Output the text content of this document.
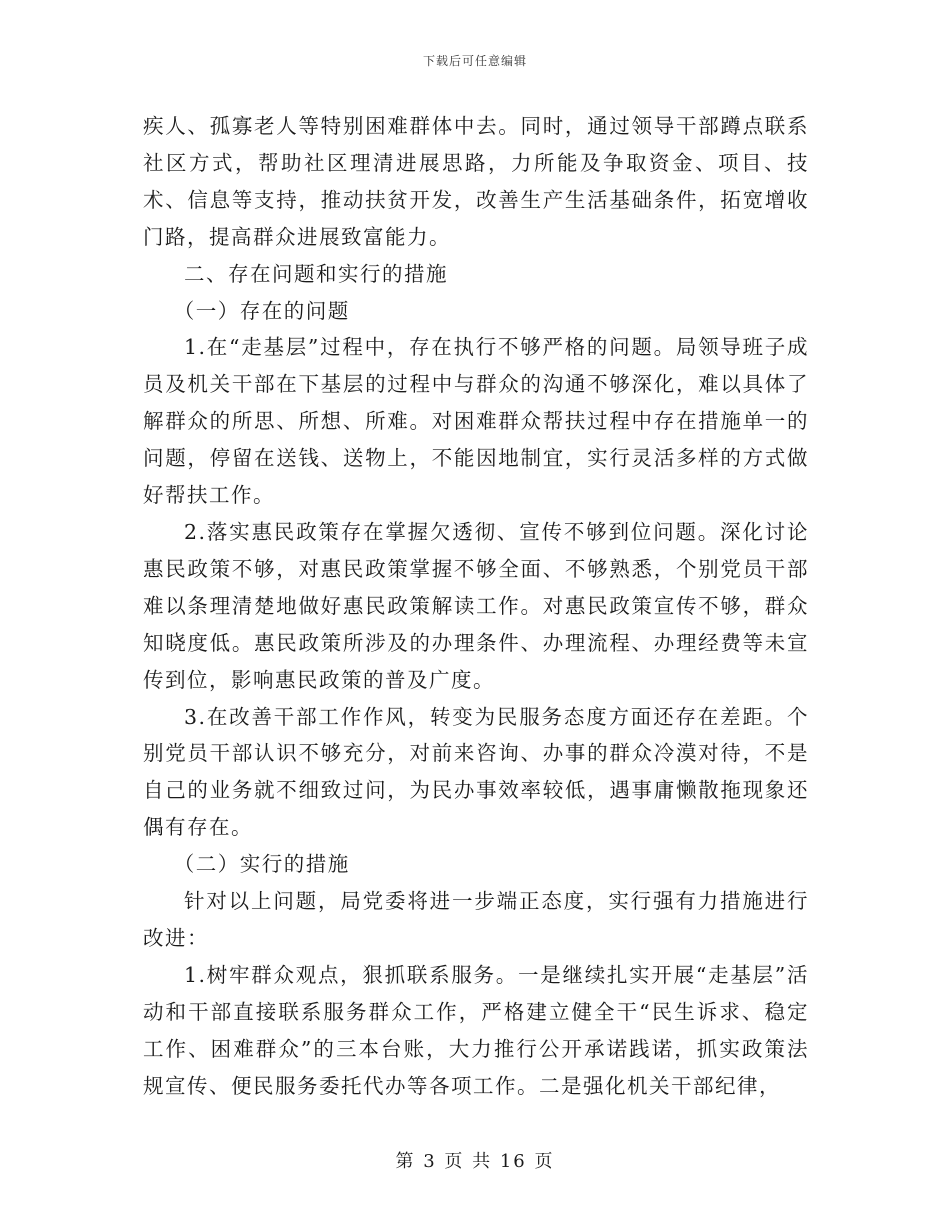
下载后可任意编辑

疾人、孤寡老人等特别困难群体中去。同时，通过领导干部蹲点联系社区方式，帮助社区理清进展思路，力所能及争取资金、项目、技术、信息等支持，推动扶贫开发，改善生产生活基础条件，拓宽增收门路，提高群众进展致富能力。

二、存在问题和实行的措施

（一）存在的问题

1.在“走基层”过程中，存在执行不够严格的问题。局领导班子成员及机关干部在下基层的过程中与群众的沟通不够深化，难以具体了解群众的所思、所想、所难。对困难群众帮扶过程中存在措施单一的问题，停留在送钱、送物上，不能因地制宜，实行灵活多样的方式做好帮扶工作。

2.落实惠民政策存在掌握欠透彻、宣传不够到位问题。深化讨论惠民政策不够，对惠民政策掌握不够全面、不够熟悉，个别党员干部难以条理清楚地做好惠民政策解读工作。对惠民政策宣传不够，群众知晓度低。惠民政策所涉及的办理条件、办理流程、办理经费等未宣传到位，影响惠民政策的普及广度。

3.在改善干部工作作风，转变为民服务态度方面还存在差距。个别党员干部认识不够充分，对前来咨询、办事的群众冷漠对待，不是自己的业务就不细致过问，为民办事效率较低，遇事庸懒散拖现象还偶有存在。

（二）实行的措施

针对以上问题，局党委将进一步端正态度，实行强有力措施进行改进：

1.树牢群众观点，狠抓联系服务。一是继续扎实开展“走基层”活动和干部直接联系服务群众工作，严格建立健全干“民生诉求、稳定工作、困难群众”的三本台账，大力推行公开承诺践诺，抓实政策法规宣传、便民服务委托代办等各项工作。二是强化机关干部纪律，

第 3 页 共 16 页
